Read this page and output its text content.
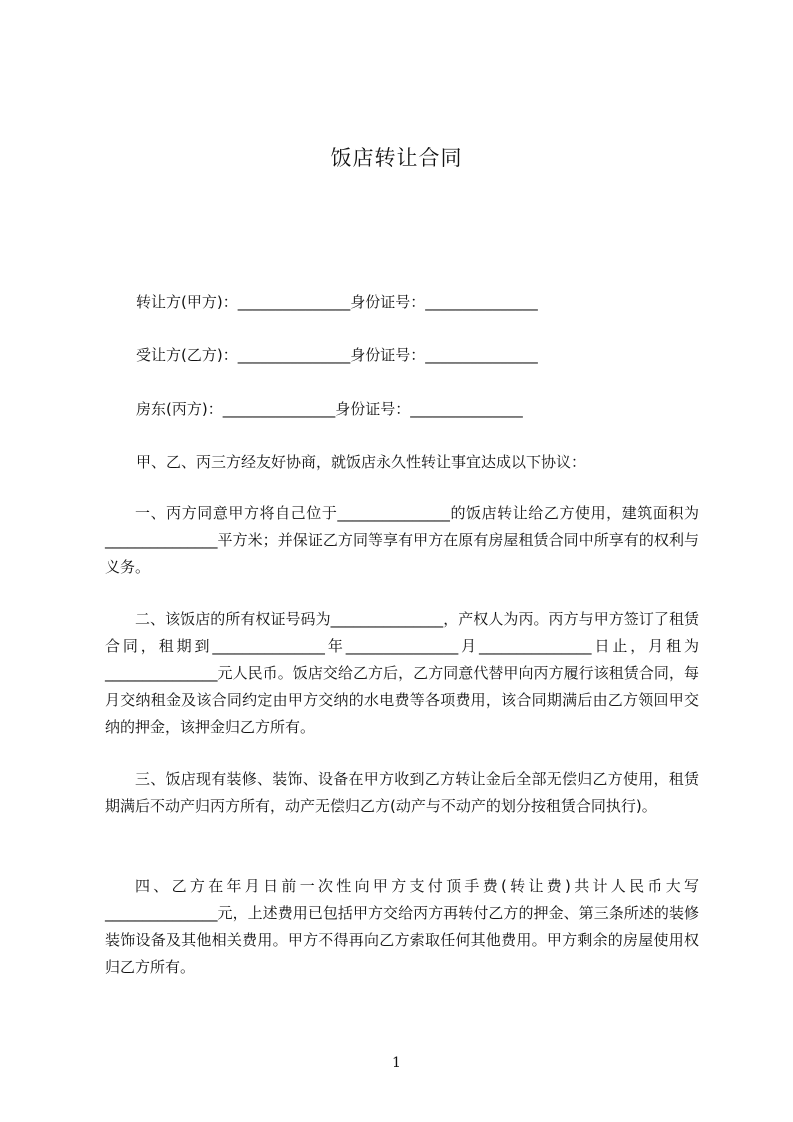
饭店转让合同
转让方(甲方)：_______________身份证号：_______________
受让方(乙方)：_______________身份证号：_______________
房东(丙方)：_______________身份证号：_______________
甲、乙、丙三方经友好协商，就饭店永久性转让事宜达成以下协议：

一、丙方同意甲方将自己位于_______________的饭店转让给乙方使用，建筑面积为_______________平方米；并保证乙方同等享有甲方在原有房屋租赁合同中所享有的权利与义务。

二、该饭店的所有权证号码为_______________，产权人为丙。丙方与甲方签订了租赁合同，租期到_______________年_______________月_______________日止，月租为_______________元人民币。饭店交给乙方后，乙方同意代替甲向丙方履行该租赁合同，每月交纳租金及该合同约定由甲方交纳的水电费等各项费用，该合同期满后由乙方领回甲交纳的押金，该押金归乙方所有。

三、饭店现有装修、装饰、设备在甲方收到乙方转让金后全部无偿归乙方使用，租赁期满后不动产归丙方所有，动产无偿归乙方(动产与不动产的划分按租赁合同执行)。

四、乙方在年月日前一次性向甲方支付顶手费(转让费)共计人民币大写_______________元，上述费用已包括甲方交给丙方再转付乙方的押金、第三条所述的装修装饰设备及其他相关费用。甲方不得再向乙方索取任何其他费用。甲方剩余的房屋使用权归乙方所有。

1
